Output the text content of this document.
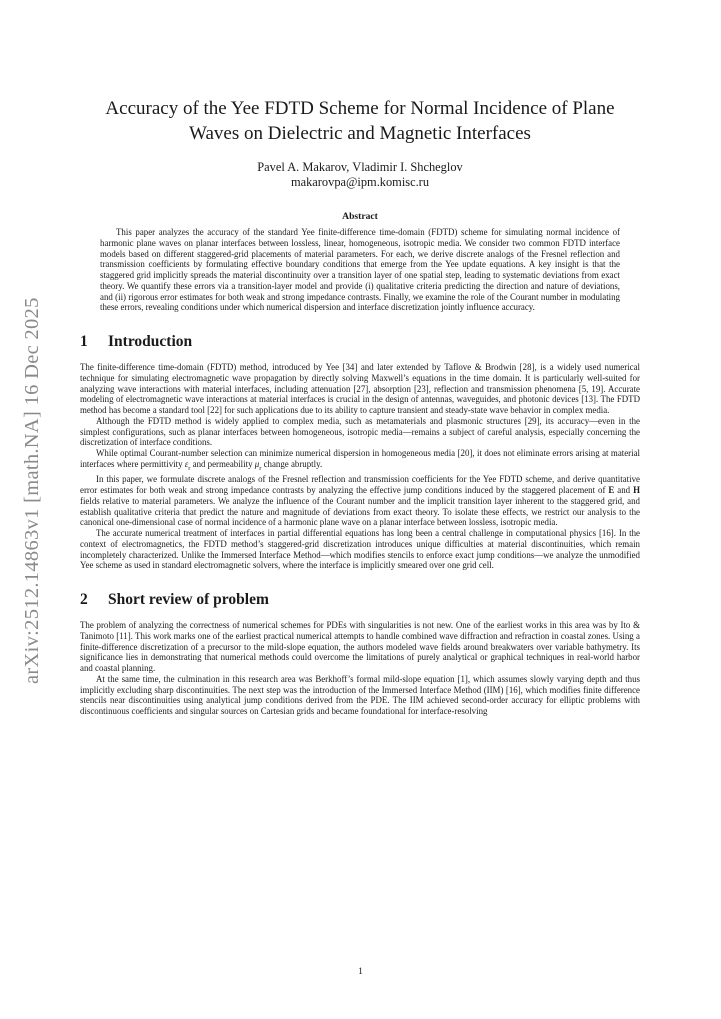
arXiv:2512.14863v1 [math.NA] 16 Dec 2025
Accuracy of the Yee FDTD Scheme for Normal Incidence of Plane
Waves on Dielectric and Magnetic Interfaces

Pavel A. Makarov, Vladimir I. Shcheglov

makarovpa@ipm.komisc.ru

Abstract

This paper analyzes the accuracy of the standard Yee finite-difference time-domain (FDTD) scheme for simulating normal incidence of harmonic plane waves on planar interfaces between lossless, linear, homogeneous, isotropic media. We consider two common FDTD interface models based on different staggered-grid placements of material parameters. For each, we derive discrete analogs of the Fresnel reflection and transmission coefficients by formulating effective boundary conditions that emerge from the Yee update equations. A key insight is that the staggered grid implicitly spreads the material discontinuity over a transition layer of one spatial step, leading to systematic deviations from exact theory. We quantify these errors via a transition-layer model and provide (i) qualitative criteria predicting the direction and nature of deviations, and (ii) rigorous error estimates for both weak and strong impedance contrasts. Finally, we examine the role of the Courant number in modulating these errors, revealing conditions under which numerical dispersion and interface discretization jointly influence accuracy.

1 Introduction

The finite-difference time-domain (FDTD) method, introduced by Yee [34] and later extended by Taflove & Brodwin [28], is a widely used numerical technique for simulating electromagnetic wave propagation by directly solving Maxwell’s equations in the time domain. It is particularly well-suited for analyzing wave interactions with material interfaces, including attenuation [27], absorption [23], reflection and transmission phenomena [5, 19]. Accurate modeling of electromagnetic wave interactions at material interfaces is crucial in the design of antennas, waveguides, and photonic devices [13]. The FDTD method has become a standard tool [22] for such applications due to its ability to capture transient and steady-state wave behavior in complex media.

Although the FDTD method is widely applied to complex media, such as metamaterials and plasmonic structures [29], its accuracy—even in the simplest configurations, such as planar interfaces between homogeneous, isotropic media—remains a subject of careful analysis, especially concerning the discretization of interface conditions.

While optimal Courant-number selection can minimize numerical dispersion in homogeneous media [20], it does not eliminate errors arising at material interfaces where permittivity $\varepsilon_r$ and permeability $\mu_r$ change abruptly.

In this paper, we formulate discrete analogs of the Fresnel reflection and transmission coefficients for the Yee FDTD scheme, and derive quantitative error estimates for both weak and strong impedance contrasts by analyzing the effective jump conditions induced by the staggered placement of E and H fields relative to material parameters. We analyze the influence of the Courant number and the implicit transition layer inherent to the staggered grid, and establish qualitative criteria that predict the nature and magnitude of deviations from exact theory. To isolate these effects, we restrict our analysis to the canonical one-dimensional case of normal incidence of a harmonic plane wave on a planar interface between lossless, isotropic media.

The accurate numerical treatment of interfaces in partial differential equations has long been a central challenge in computational physics [16]. In the context of electromagnetics, the FDTD method’s staggered-grid discretization introduces unique difficulties at material discontinuities, which remain incompletely characterized. Unlike the Immersed Interface Method—which modifies stencils to enforce exact jump conditions—we analyze the unmodified Yee scheme as used in standard electromagnetic solvers, where the interface is implicitly smeared over one grid cell.

2 Short review of problem

The problem of analyzing the correctness of numerical schemes for PDEs with singularities is not new. One of the earliest works in this area was by Ito & Tanimoto [11]. This work marks one of the earliest practical numerical attempts to handle combined wave diffraction and refraction in coastal zones. Using a finite-difference discretization of a precursor to the mild-slope equation, the authors modeled wave fields around breakwaters over variable bathymetry. Its significance lies in demonstrating that numerical methods could overcome the limitations of purely analytical or graphical techniques in real-world harbor and coastal planning.

At the same time, the culmination in this research area was Berkhoff’s formal mild-slope equation [1], which assumes slowly varying depth and thus implicitly excluding sharp discontinuities. The next step was the introduction of the Immersed Interface Method (IIM) [16], which modifies finite difference stencils near discontinuities using analytical jump conditions derived from the PDE. The IIM achieved second-order accuracy for elliptic problems with discontinuous coefficients and singular sources on Cartesian grids and became foundational for interface-resolving

1
